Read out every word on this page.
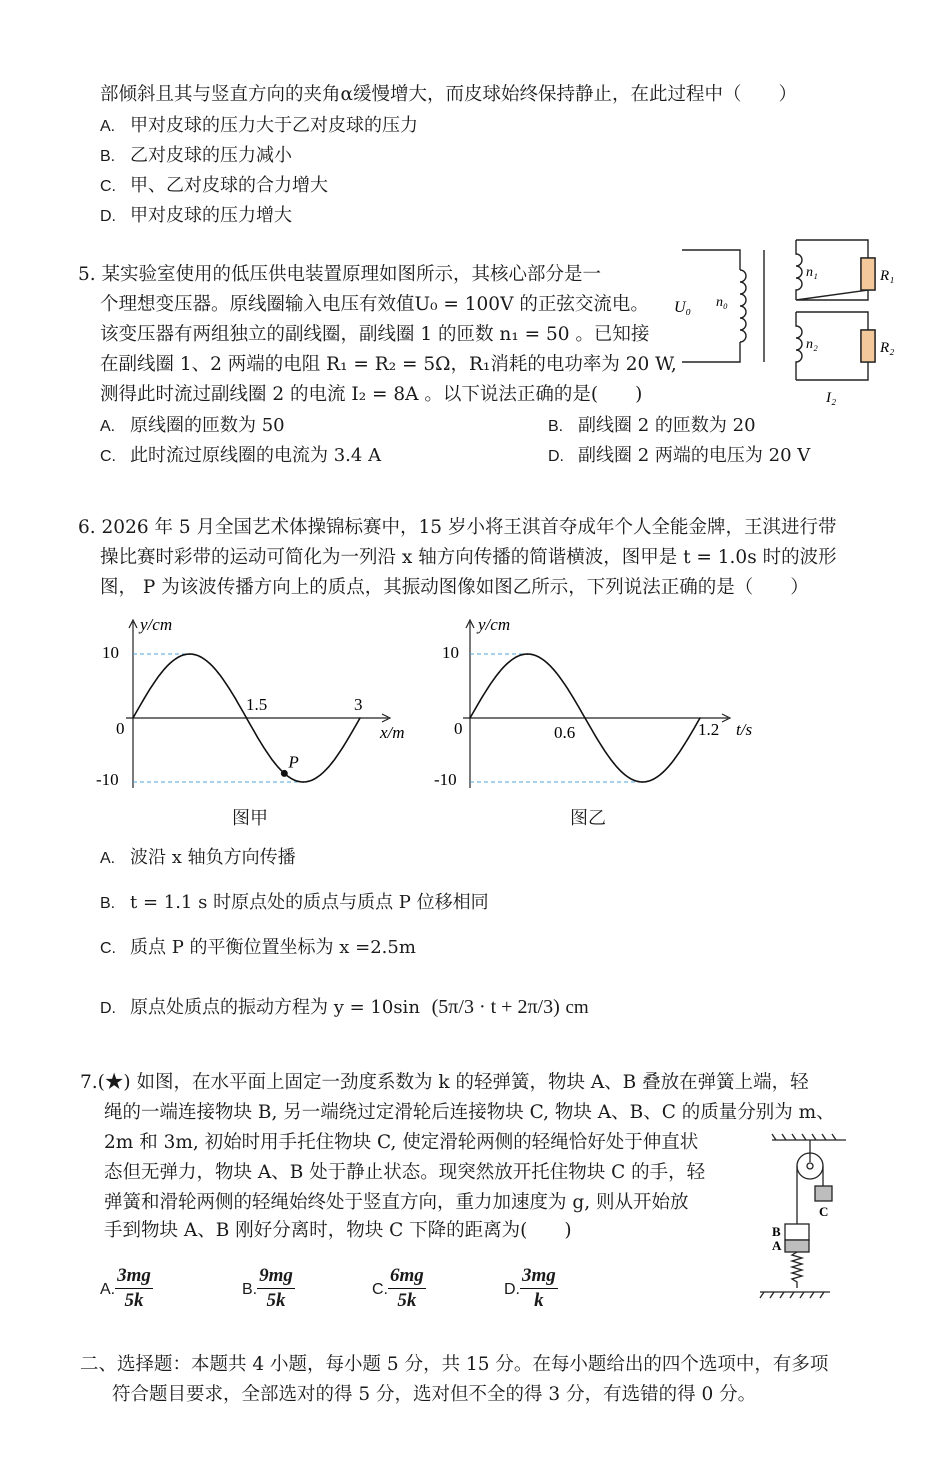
部倾斜且其与竖直方向的夹角α缓慢增大，而皮球始终保持静止，在此过程中（　　）
A. 甲对皮球的压力大于乙对皮球的压力
B. 乙对皮球的压力减小
C. 甲、乙对皮球的合力增大
D. 甲对皮球的压力增大
5. 某实验室使用的低压供电装置原理如图所示，其核心部分是一
个理想变压器。原线圈输入电压有效值U₀ = 100V 的正弦交流电。
该变压器有两组独立的副线圈，副线圈 1 的匝数 n₁ = 50 。已知接
在副线圈 1、2 两端的电阻 R₁ = R₂ = 5Ω，R₁消耗的电功率为 20 W,
测得此时流过副线圈 2 的电流 I₂ = 8A 。以下说法正确的是(　　)
U₀ n₀
n₁
n₂
R₁
R₂
I₂
A. 原线圈的匝数为 50	B. 副线圈 2 的匝数为 20
C. 此时流过原线圈的电流为 3.4 A	D. 副线圈 2 两端的电压为 20 V
6. 2026 年 5 月全国艺术体操锦标赛中，15 岁小将王淇首夺成年个人全能金牌，王淇进行带
操比赛时彩带的运动可简化为一列沿 x 轴方向传播的简谐横波，图甲是 t = 1.0s 时的波形
图， P 为该波传播方向上的质点，其振动图像如图乙所示，下列说法正确的是（　　）
y/cm
x/m
10
0
-10
1.5	3
P
图甲
y/cm
t/s
10
0
-10
0.6	1.2
图乙
A. 波沿 x 轴负方向传播
B. t = 1.1 s 时原点处的质点与质点 P 位移相同
C. 质点 P 的平衡位置坐标为 x =2.5m
D. 原点处质点的振动方程为 y = 10sin (5π/3 · t + 2π/3) cm
7.(★) 如图，在水平面上固定一劲度系数为 k 的轻弹簧，物块 A、B 叠放在弹簧上端，轻
绳的一端连接物块 B, 另一端绕过定滑轮后连接物块 C, 物块 A、B、C 的质量分别为 m、
2m 和 3m, 初始时用手托住物块 C, 使定滑轮两侧的轻绳恰好处于伸直状
态但无弹力，物块 A、B 处于静止状态。现突然放开托住物块 C 的手，轻
弹簧和滑轮两侧的轻绳始终处于竖直方向，重力加速度为 g, 则从开始放
手到物块 A、B 刚好分离时，物块 C 下降的距离为(　　)	B
A
C
A. $\frac{3mg}{5k}$	B. $\frac{9mg}{5k}$	C. $\frac{6mg}{5k}$	D. $\frac{3mg}{k}$
二、选择题：本题共 4 小题，每小题 5 分，共 15 分。在每小题给出的四个选项中，有多项
符合题目要求，全部选对的得 5 分，选对但不全的得 3 分，有选错的得 0 分。
